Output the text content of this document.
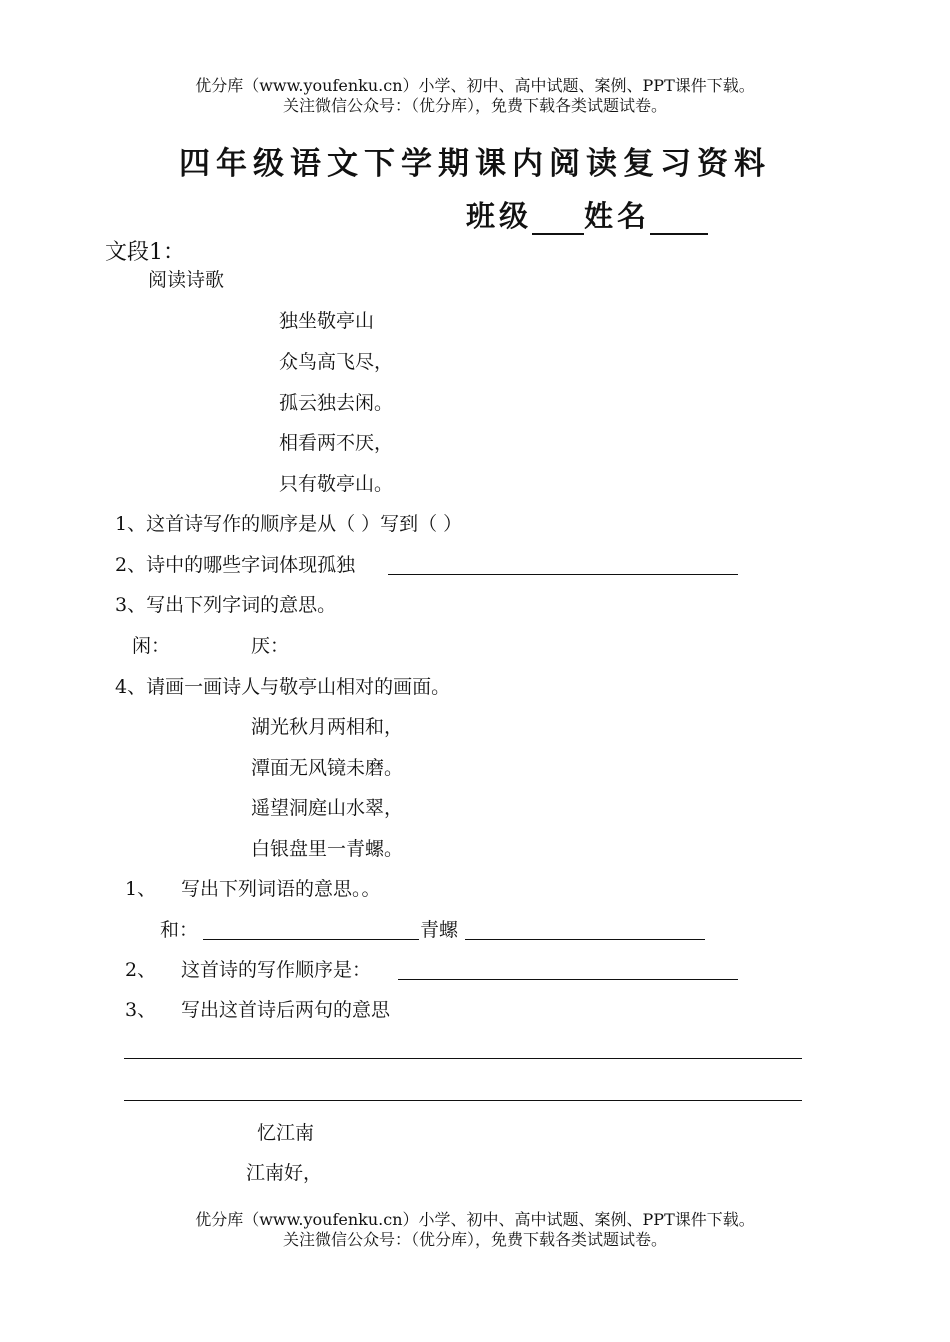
优分库（www.youfenku.cn）小学、初中、高中试题、案例、PPT课件下载。
关注微信公众号：（优分库），免费下载各类试题试卷。
四年级语文下学期课内阅读复习资料
班级 姓名
文段1：
阅读诗歌
独坐敬亭山
众鸟高飞尽，
孤云独去闲。
相看两不厌，
只有敬亭山。
1、这首诗写作的顺序是从（ ）写到（ ）
2、诗中的哪些字词体现孤独
3、写出下列字词的意思。
闲：	厌：
4、请画一画诗人与敬亭山相对的画面。
湖光秋月两相和，
潭面无风镜未磨。
遥望洞庭山水翠，
白银盘里一青螺。
1、 写出下列词语的意思。。
和：	青螺
2、 这首诗的写作顺序是：
3、 写出这首诗后两句的意思
忆江南
江南好，
优分库（www.youfenku.cn）小学、初中、高中试题、案例、PPT课件下载。
关注微信公众号：（优分库），免费下载各类试题试卷。
